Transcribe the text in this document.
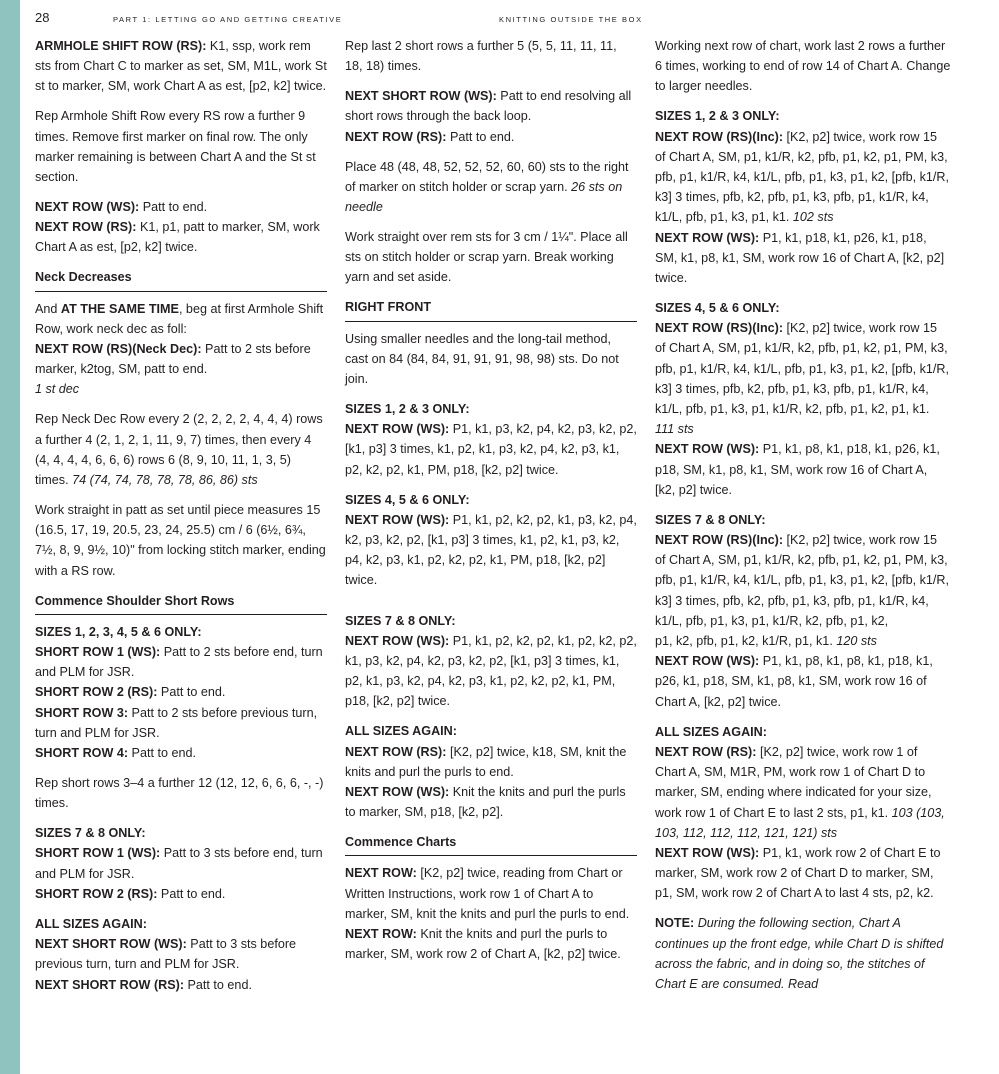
28	PART 1: LETTING GO AND GETTING CREATIVE	KNITTING OUTSIDE THE BOX
ARMHOLE SHIFT ROW (RS): K1, ssp, work rem sts from Chart C to marker as set, SM, M1L, work St st to marker, SM, work Chart A as est, [p2, k2] twice.
Rep Armhole Shift Row every RS row a further 9 times. Remove first marker on final row. The only marker remaining is between Chart A and the St st section.
NEXT ROW (WS): Patt to end.
NEXT ROW (RS): K1, p1, patt to marker, SM, work Chart A as est, [p2, k2] twice.
Neck Decreases
And AT THE SAME TIME, beg at first Armhole Shift Row, work neck dec as foll:
NEXT ROW (RS)(Neck Dec): Patt to 2 sts before marker, k2tog, SM, patt to end.
1 st dec
Rep Neck Dec Row every 2 (2, 2, 2, 2, 4, 4, 4) rows a further 4 (2, 1, 2, 1, 11, 9, 7) times, then every 4 (4, 4, 4, 4, 6, 6, 6) rows 6 (8, 9, 10, 11, 1, 3, 5) times. 74 (74, 74, 78, 78, 78, 86, 86) sts
Work straight in patt as set until piece measures 15 (16.5, 17, 19, 20.5, 23, 24, 25.5) cm / 6 (6½, 6¾, 7½, 8, 9, 9½, 10)" from locking stitch marker, ending with a RS row.
Commence Shoulder Short Rows
SIZES 1, 2, 3, 4, 5 & 6 ONLY:
SHORT ROW 1 (WS): Patt to 2 sts before end, turn and PLM for JSR.
SHORT ROW 2 (RS): Patt to end.
SHORT ROW 3: Patt to 2 sts before previous turn, turn and PLM for JSR.
SHORT ROW 4: Patt to end.
Rep short rows 3–4 a further 12 (12, 12, 6, 6, 6, -, -) times.
SIZES 7 & 8 ONLY:
SHORT ROW 1 (WS): Patt to 3 sts before end, turn and PLM for JSR.
SHORT ROW 2 (RS): Patt to end.
ALL SIZES AGAIN:
NEXT SHORT ROW (WS): Patt to 3 sts before previous turn, turn and PLM for JSR.
NEXT SHORT ROW (RS): Patt to end.
Rep last 2 short rows a further 5 (5, 5, 11, 11, 11, 18, 18) times.
NEXT SHORT ROW (WS): Patt to end resolving all short rows through the back loop.
NEXT ROW (RS): Patt to end.
Place 48 (48, 48, 52, 52, 52, 60, 60) sts to the right of marker on stitch holder or scrap yarn. 26 sts on needle
Work straight over rem sts for 3 cm / 1¼". Place all sts on stitch holder or scrap yarn. Break working yarn and set aside.
RIGHT FRONT
Using smaller needles and the long-tail method, cast on 84 (84, 84, 91, 91, 91, 98, 98) sts. Do not join.
SIZES 1, 2 & 3 ONLY:
NEXT ROW (WS): P1, k1, p3, k2, p4, k2, p3, k2, p2, [k1, p3] 3 times, k1, p2, k1, p3, k2, p4, k2, p3, k1, p2, k2, p2, k1, PM, p18, [k2, p2] twice.
SIZES 4, 5 & 6 ONLY:
NEXT ROW (WS): P1, k1, p2, k2, p2, k1, p3, k2, p4, k2, p3, k2, p2, [k1, p3] 3 times, k1, p2, k1, p3, k2, p4, k2, p3, k1, p2, k2, p2, k1, PM, p18, [k2, p2] twice.
SIZES 7 & 8 ONLY:
NEXT ROW (WS): P1, k1, p2, k2, p2, k1, p2, k2, p2, k1, p3, k2, p4, k2, p3, k2, p2, [k1, p3] 3 times, k1, p2, k1, p3, k2, p4, k2, p3, k1, p2, k2, p2, k1, PM, p18, [k2, p2] twice.
ALL SIZES AGAIN:
NEXT ROW (RS): [K2, p2] twice, k18, SM, knit the knits and purl the purls to end.
NEXT ROW (WS): Knit the knits and purl the purls to marker, SM, p18, [k2, p2].
Commence Charts
NEXT ROW: [K2, p2] twice, reading from Chart or Written Instructions, work row 1 of Chart A to marker, SM, knit the knits and purl the purls to end.
NEXT ROW: Knit the knits and purl the purls to marker, SM, work row 2 of Chart A, [k2, p2] twice.
Working next row of chart, work last 2 rows a further 6 times, working to end of row 14 of Chart A. Change to larger needles.
SIZES 1, 2 & 3 ONLY:
NEXT ROW (RS)(Inc): [K2, p2] twice, work row 15 of Chart A, SM, p1, k1/R, k2, pfb, p1, k2, p1, PM, k3, pfb, p1, k1/R, k4, k1/L, pfb, p1, k3, p1, k2, [pfb, k1/R, k3] 3 times, pfb, k2, pfb, p1, k3, pfb, p1, k1/R, k4, k1/L, pfb, p1, k3, p1, k1. 102 sts
NEXT ROW (WS): P1, k1, p18, k1, p26, k1, p18, SM, k1, p8, k1, SM, work row 16 of Chart A, [k2, p2] twice.
SIZES 4, 5 & 6 ONLY:
NEXT ROW (RS)(Inc): [K2, p2] twice, work row 15 of Chart A, SM, p1, k1/R, k2, pfb, p1, k2, p1, PM, k3, pfb, p1, k1/R, k4, k1/L, pfb, p1, k3, p1, k2, [pfb, k1/R, k3] 3 times, pfb, k2, pfb, p1, k3, pfb, p1, k1/R, k4, k1/L, pfb, p1, k3, p1, k1/R, k2, pfb, p1, k2, p1, k1. 111 sts
NEXT ROW (WS): P1, k1, p8, k1, p18, k1, p26, k1, p18, SM, k1, p8, k1, SM, work row 16 of Chart A, [k2, p2] twice.
SIZES 7 & 8 ONLY:
NEXT ROW (RS)(Inc): [K2, p2] twice, work row 15 of Chart A, SM, p1, k1/R, k2, pfb, p1, k2, p1, PM, k3, pfb, p1, k1/R, k4, k1/L, pfb, p1, k3, p1, k2, [pfb, k1/R, k3] 3 times, pfb, k2, pfb, p1, k3, pfb, p1, k1/R, k4, k1/L, pfb, p1, k3, p1, k1/R, k2, pfb, p1, k2,
p1, k2, pfb, p1, k2, k1/R, p1, k1. 120 sts
NEXT ROW (WS): P1, k1, p8, k1, p8, k1, p18, k1, p26, k1, p18, SM, k1, p8, k1, SM, work row 16 of Chart A, [k2, p2] twice.
ALL SIZES AGAIN:
NEXT ROW (RS): [K2, p2] twice, work row 1 of Chart A, SM, M1R, PM, work row 1 of Chart D to marker, SM, ending where indicated for your size, work row 1 of Chart E to last 2 sts, p1, k1. 103 (103, 103, 112, 112, 112, 121, 121) sts
NEXT ROW (WS): P1, k1, work row 2 of Chart E to marker, SM, work row 2 of Chart D to marker, SM, p1, SM, work row 2 of Chart A to last 4 sts, p2, k2.
NOTE: During the following section, Chart A continues up the front edge, while Chart D is shifted across the fabric, and in doing so, the stitches of Chart E are consumed. Read
